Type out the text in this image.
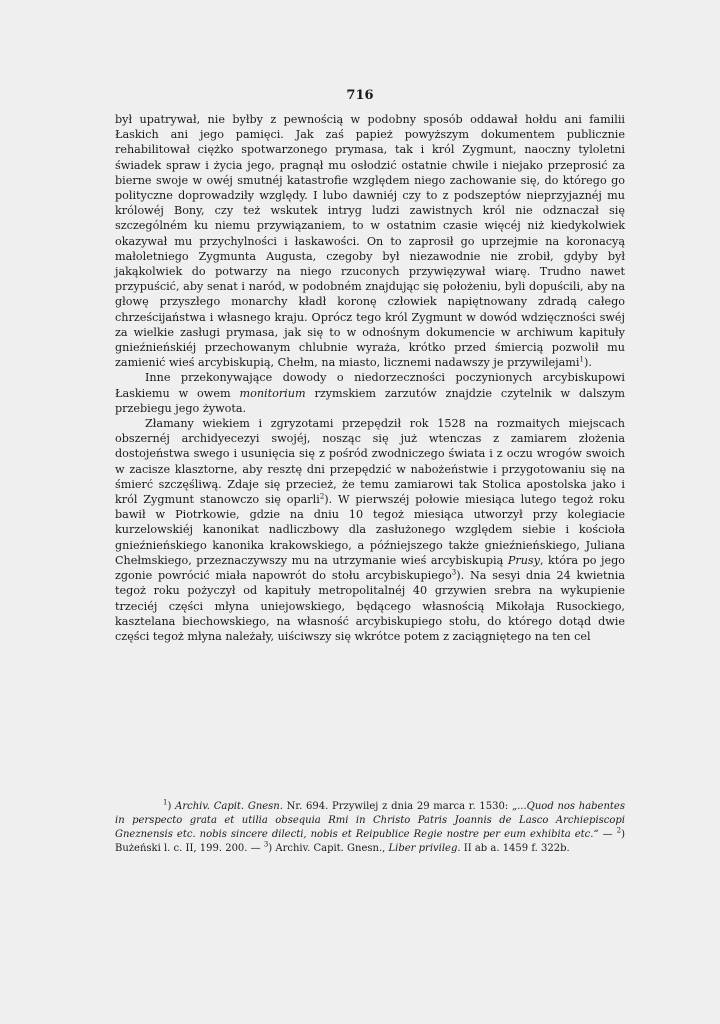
716

był upatrywał, nie byłby z pewnością w podobny sposób oddawał hołdu ani familii Łaskich ani jego pamięci. Jak zaś papież powyższym dokumentem publicznie rehabilitował ciężko spotwarzonego prymasa, tak i król Zygmunt, naoczny tyloletni świadek spraw i życia jego, pragnął mu osłodzić ostatnie chwile i niejako przeprosić za bierne swoje w owéj smutnéj katastrofie względem niego zachowanie się, do którego go polityczne doprowadziły względy. I lubo dawniéj czy to z podszeptów nieprzyjaznéj mu królowéj Bony, czy też wskutek intryg ludzi zawistnych król nie odznaczał się szczególném ku niemu przywiązaniem, to w ostatnim czasie więcéj niż kiedykolwiek okazywał mu przychylności i łaskawości. On to zaprosił go uprzejmie na koronacyą małoletniego Zygmunta Augusta, czegoby był niezawodnie nie zrobił, gdyby był jakąkolwiek do potwarzy na niego rzuconych przywięzywał wiarę. Trudno nawet przypuścić, aby senat i naród, w podobném znajdując się położeniu, byli dopuścili, aby na głowę przyszłego monarchy kładł koronę człowiek napiętnowany zdradą całego chrześcijaństwa i własnego kraju. Oprócz tego król Zygmunt w dowód wdzięczności swéj za wielkie zasługi prymasa, jak się to w odnośnym dokumencie w archiwum kapituły gnieźnieńskiéj przechowanym chlubnie wyraża, krótko przed śmiercią pozwolił mu zamienić wieś arcybiskupią, Chełm, na miasto, licznemi nadawszy je przywilejami$^1$).

Inne przekonywające dowody o niedorzeczności poczynionych arcybiskupowi Łaskiemu w owem monitorium rzymskiem zarzutów znajdzie czytelnik w dalszym przebiegu jego żywota.

Złamany wiekiem i zgryzotami przepędził rok 1528 na rozmaitych miejscach obszernéj archidyecezyi swojéj, nosząc się już wtenczas z zamiarem złożenia dostojeństwa swego i usunięcia się z pośród zwodniczego świata i z oczu wrogów swoich w zacisze klasztorne, aby resztę dni przepędzić w nabożeństwie i przygotowaniu się na śmierć szczęśliwą. Zdaje się przecież, że temu zamiarowi tak Stolica apostolska jako i król Zygmunt stanowczo się oparli$^2$). W pierwszéj połowie miesiąca lutego tegoż roku bawił w Piotrkowie, gdzie na dniu 10 tegoż miesiąca utworzył przy kolegiacie kurzelowskiéj kanonikat nadliczbowy dla zasłużonego względem siebie i kościoła gnieźnieńskiego kanonika krakowskiego, a późniejszego także gnieźnieńskiego, Juliana Chełmskiego, przeznaczywszy mu na utrzymanie wieś arcybiskupią Prusy, która po jego zgonie powrócić miała napowrót do stołu arcybiskupiego$^3$). Na sesyi dnia 24 kwietnia tegoż roku pożyczył od kapituły metropolitalnéj 40 grzywien srebra na wykupienie trzeciéj części młyna uniejowskiego, będącego własnością Mikołaja Rusockiego, kasztelana biechowskiego, na własność arcybiskupiego stołu, do którego dotąd dwie części tegoż młyna należały, uiściwszy się wkrótce potem z zaciągniętego na ten cel

$^1$) Archiv. Capit. Gnesn. Nr. 694. Przywilej z dnia 29 marca r. 1530: „...Quod nos habentes in perspecto grata et utilia obsequia Rmi in Christo Patris Joannis de Lasco Archiepiscopi Gneznensis etc. nobis sincere dilecti, nobis et Reipublice Regie nostre per eum exhibita etc.“ — $^2$) Bużeński l. c. II, 199. 200. — $^3$) Archiv. Capit. Gnesn., Liber privileg. II ab a. 1459 f. 322b.
